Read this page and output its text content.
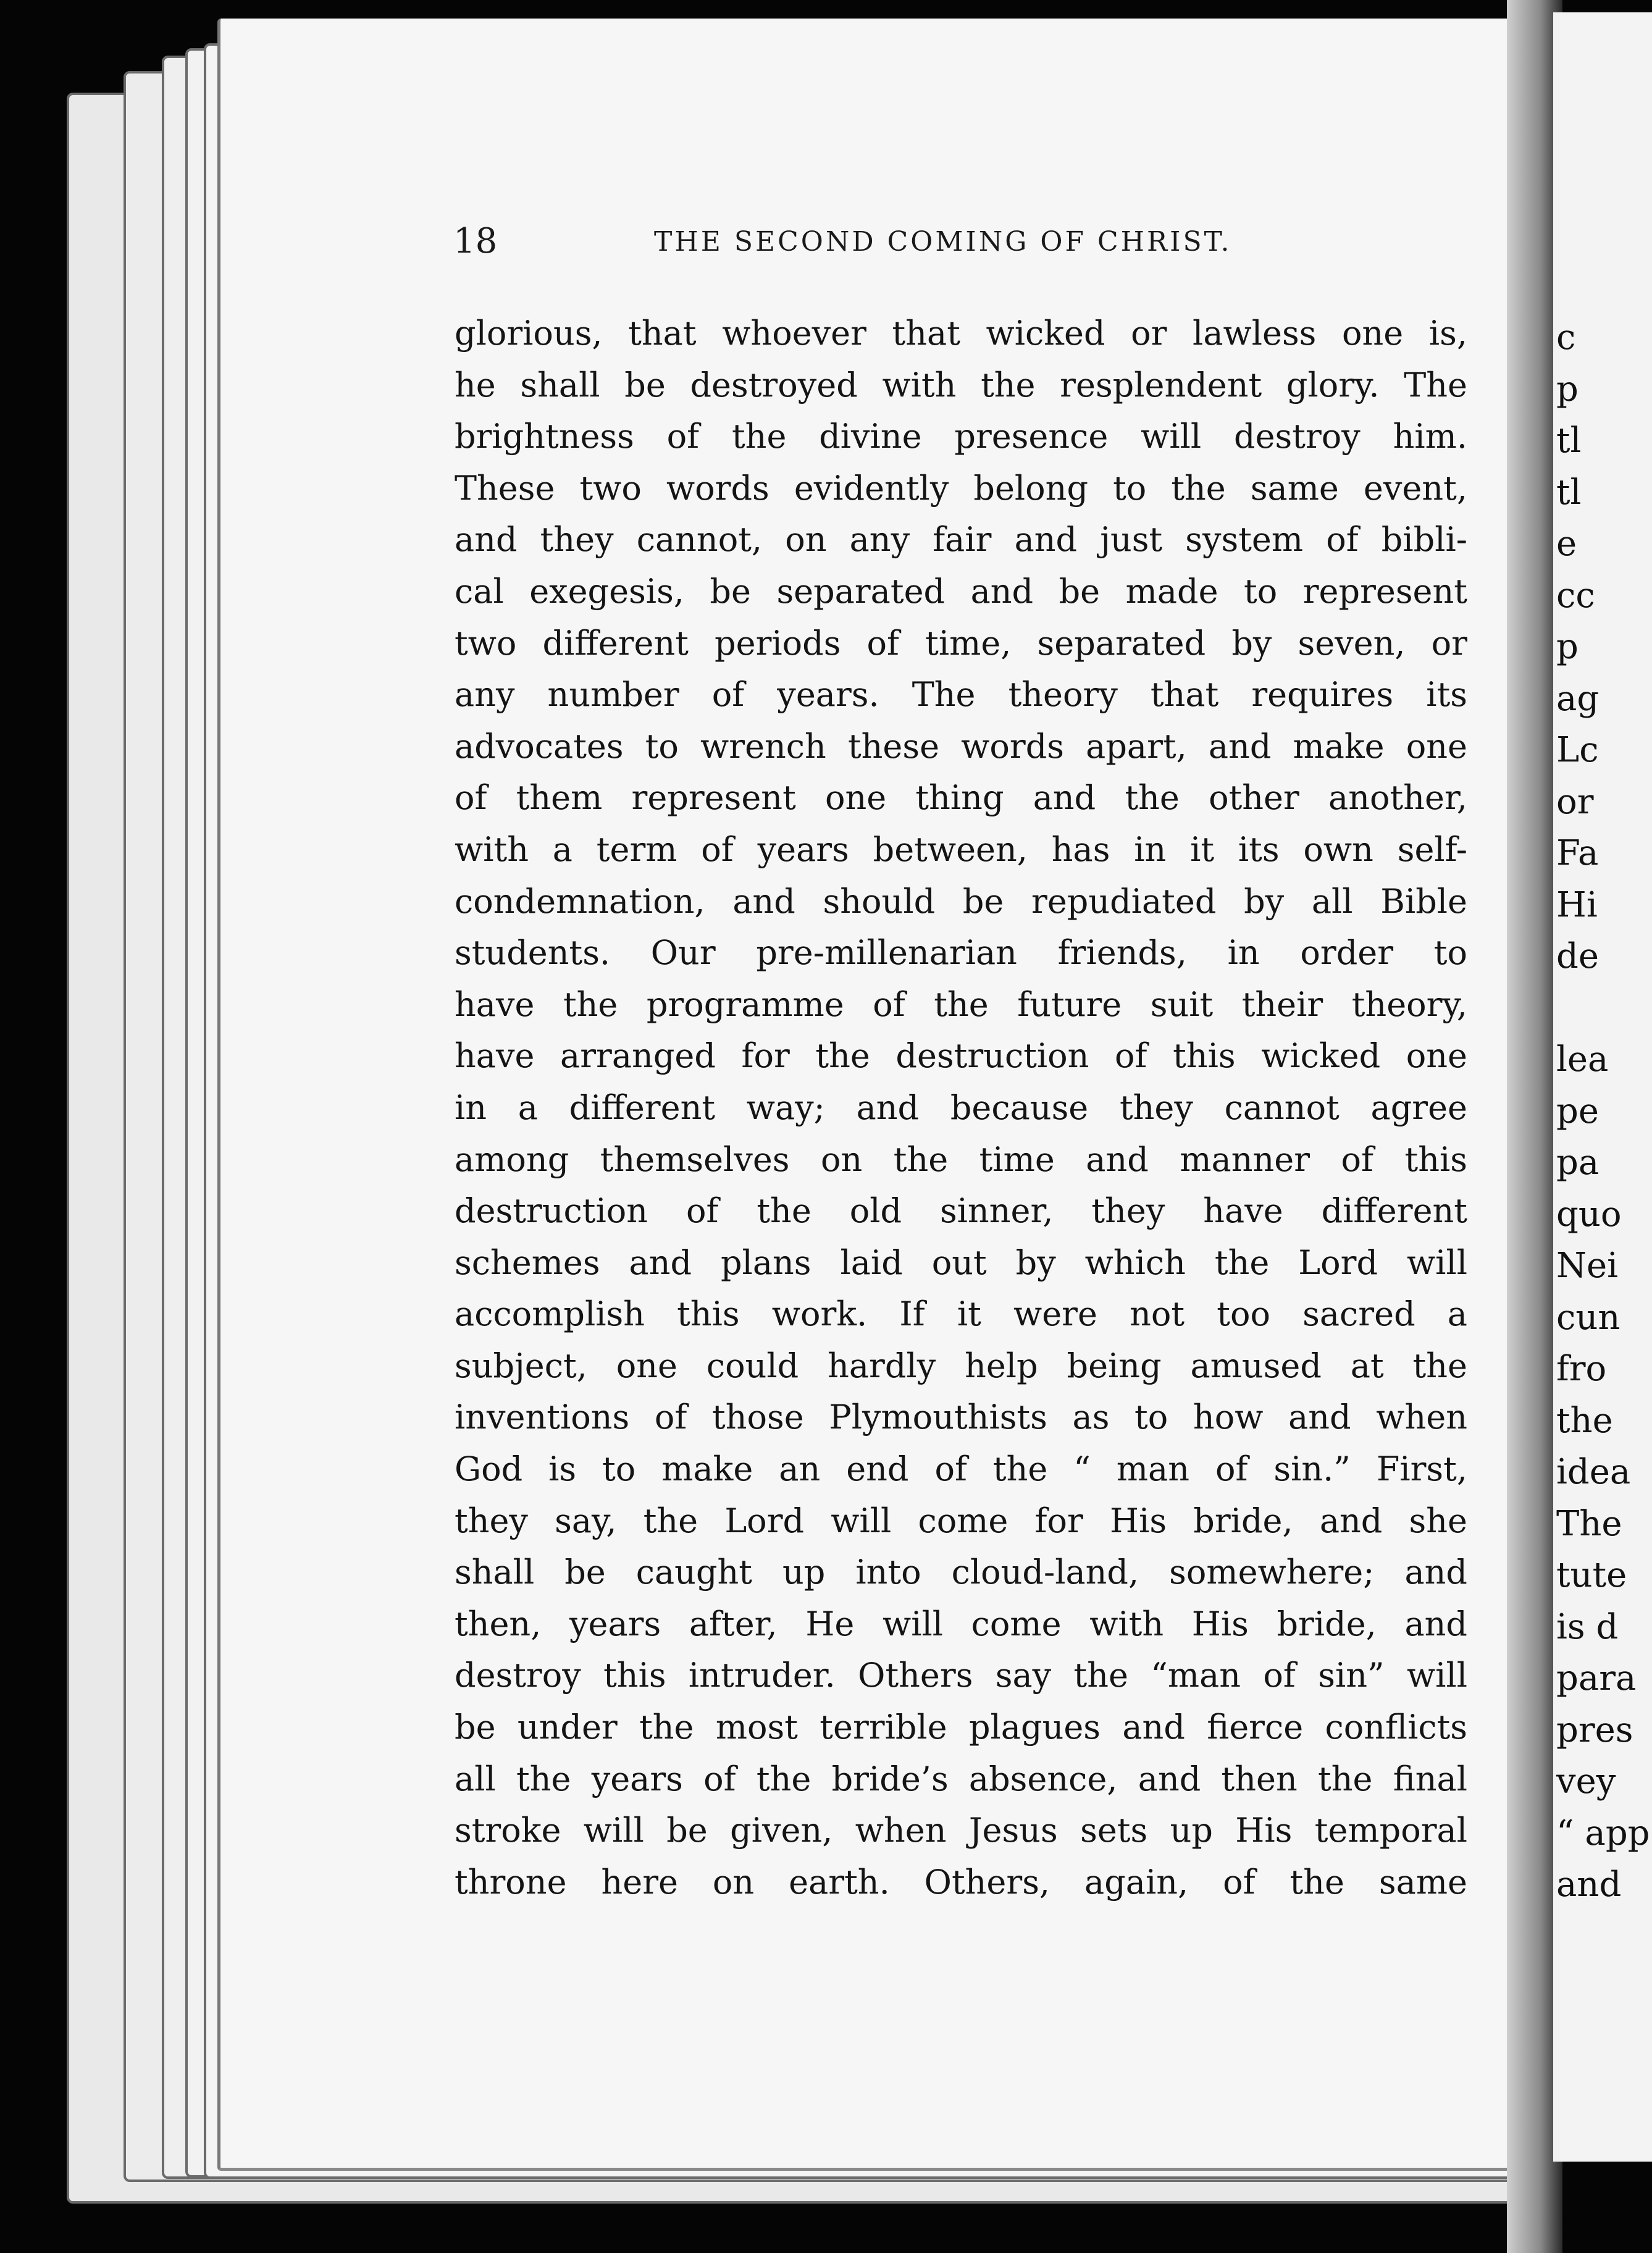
18	THE SECOND COMING OF CHRIST.
glorious, that whoever that wicked or lawless one is,
he shall be destroyed with the resplendent glory. The
brightness of the divine presence will destroy him.
These two words evidently belong to the same event,
and they cannot, on any fair and just system of bibli-
cal exegesis, be separated and be made to represent
two different periods of time, separated by seven, or
any number of years. The theory that requires its
advocates to wrench these words apart, and make one
of them represent one thing and the other another,
with a term of years between, has in it its own self-
condemnation, and should be repudiated by all Bible
students. Our pre-millenarian friends, in order to
have the programme of the future suit their theory,
have arranged for the destruction of this wicked one
in a different way; and because they cannot agree
among themselves on the time and manner of this
destruction of the old sinner, they have different
schemes and plans laid out by which the Lord will
accomplish this work. If it were not too sacred a
subject, one could hardly help being amused at the
inventions of those Plymouthists as to how and when
God is to make an end of the “ man of sin.” First,
they say, the Lord will come for His bride, and she
shall be caught up into cloud-land, somewhere; and
then, years after, He will come with His bride, and
destroy this intruder. Others say the “man of sin” will
be under the most terrible plagues and fierce conflicts
all the years of the bride’s absence, and then the final
stroke will be given, when Jesus sets up His temporal
throne here on earth. Others, again, of the same
c
p
tl
tl
e
cc
p
ag
Lc
or
Fa
Hi
de
lea
pe
pa
quo
Nei
cun
fro
the
idea
The
tute
is d
para
pres
vey
“ app
and
